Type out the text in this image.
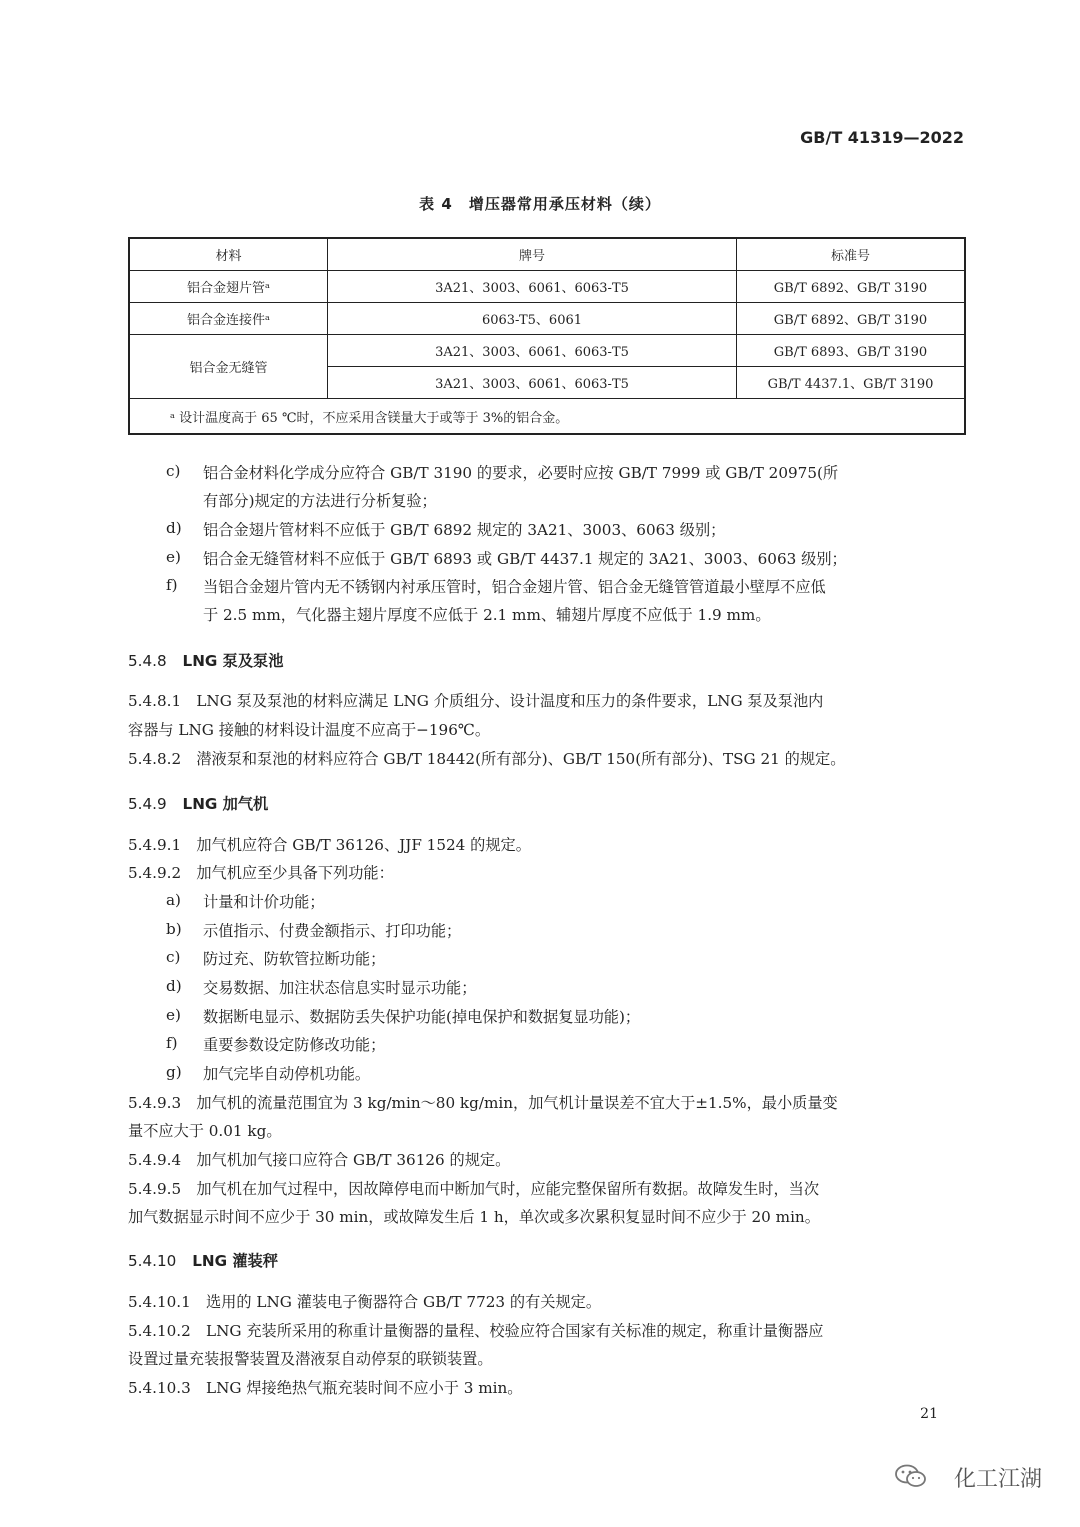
GB/T 41319—2022
表 4　增压器常用承压材料（续）
材料	牌号	标准号
铝合金翅片管ᵃ	3A21、3003、6061、6063-T5	GB/T 6892、GB/T 3190
铝合金连接件ᵃ	6063-T5、6061	GB/T 6892、GB/T 3190
铝合金无缝管	3A21、3003、6061、6063-T5	GB/T 6893、GB/T 3190
	3A21、3003、6061、6063-T5	GB/T 4437.1、GB/T 3190
ᵃ 设计温度高于 65 ℃时，不应采用含镁量大于或等于 3%的铝合金。		
c) 铝合金材料化学成分应符合 GB/T 3190 的要求，必要时应按 GB/T 7999 或 GB/T 20975(所
有部分)规定的方法进行分析复验；
d) 铝合金翅片管材料不应低于 GB/T 6892 规定的 3A21、3003、6063 级别；
e) 铝合金无缝管材料不应低于 GB/T 6893 或 GB/T 4437.1 规定的 3A21、3003、6063 级别；
f) 当铝合金翅片管内无不锈钢内衬承压管时，铝合金翅片管、铝合金无缝管管道最小壁厚不应低
于 2.5 mm，气化器主翅片厚度不应低于 2.1 mm、辅翅片厚度不应低于 1.9 mm。
5.4.8 LNG 泵及泵池
5.4.8.1　LNG 泵及泵池的材料应满足 LNG 介质组分、设计温度和压力的条件要求，LNG 泵及泵池内
容器与 LNG 接触的材料设计温度不应高于−196℃。
5.4.8.2　潜液泵和泵池的材料应符合 GB/T 18442(所有部分)、GB/T 150(所有部分)、TSG 21 的规定。
5.4.9 LNG 加气机
5.4.9.1　加气机应符合 GB/T 36126、JJF 1524 的规定。
5.4.9.2　加气机应至少具备下列功能：
a) 计量和计价功能；
b) 示值指示、付费金额指示、打印功能；
c) 防过充、防软管拉断功能；
d) 交易数据、加注状态信息实时显示功能；
e) 数据断电显示、数据防丢失保护功能(掉电保护和数据复显功能)；
f) 重要参数设定防修改功能；
g) 加气完毕自动停机功能。
5.4.9.3　加气机的流量范围宜为 3 kg/min～80 kg/min，加气机计量误差不宜大于±1.5%，最小质量变
量不应大于 0.01 kg。
5.4.9.4　加气机加气接口应符合 GB/T 36126 的规定。
5.4.9.5　加气机在加气过程中，因故障停电而中断加气时，应能完整保留所有数据。故障发生时，当次
加气数据显示时间不应少于 30 min，或故障发生后 1 h，单次或多次累积复显时间不应少于 20 min。
5.4.10 LNG 灌装秤
5.4.10.1　选用的 LNG 灌装电子衡器符合 GB/T 7723 的有关规定。
5.4.10.2　LNG 充装所采用的称重计量衡器的量程、校验应符合国家有关标准的规定，称重计量衡器应
设置过量充装报警装置及潜液泵自动停泵的联锁装置。
5.4.10.3　LNG 焊接绝热气瓶充装时间不应小于 3 min。
21
化工江湖
